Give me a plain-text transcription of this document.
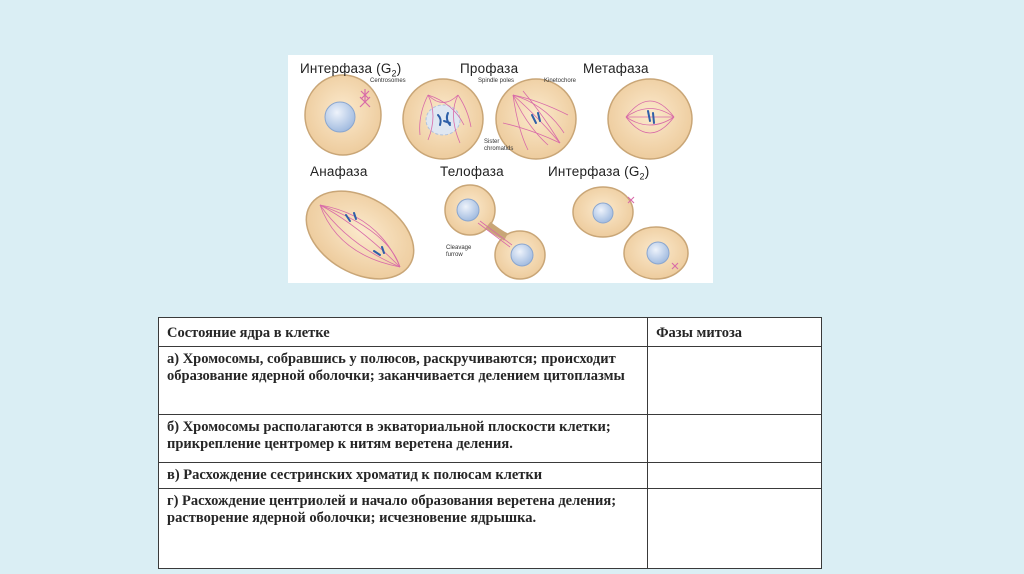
Интерфаза $(G_2)$	Профаза	Метафаза
Анафаза	Телофаза	Интерфаза $(G_2)$
Centrosomes	Spindle poles	Kinetochore
Sister
chromatids
Cleavage
furrow
Состояние ядра в клетке	Фазы митоза
а) Хромосомы, собравшись у полюсов, раскручиваются; происходит образование ядерной оболочки; заканчивается делением цитоплазмы	
б) Хромосомы располагаются в экваториальной плоскости клетки; прикрепление центромер к нитям веретена деления.	
в) Расхождение сестринских хроматид к полюсам клетки	
г) Расхождение центриолей и начало образования веретена деления; растворение ядерной оболочки; исчезновение ядрышка.	
